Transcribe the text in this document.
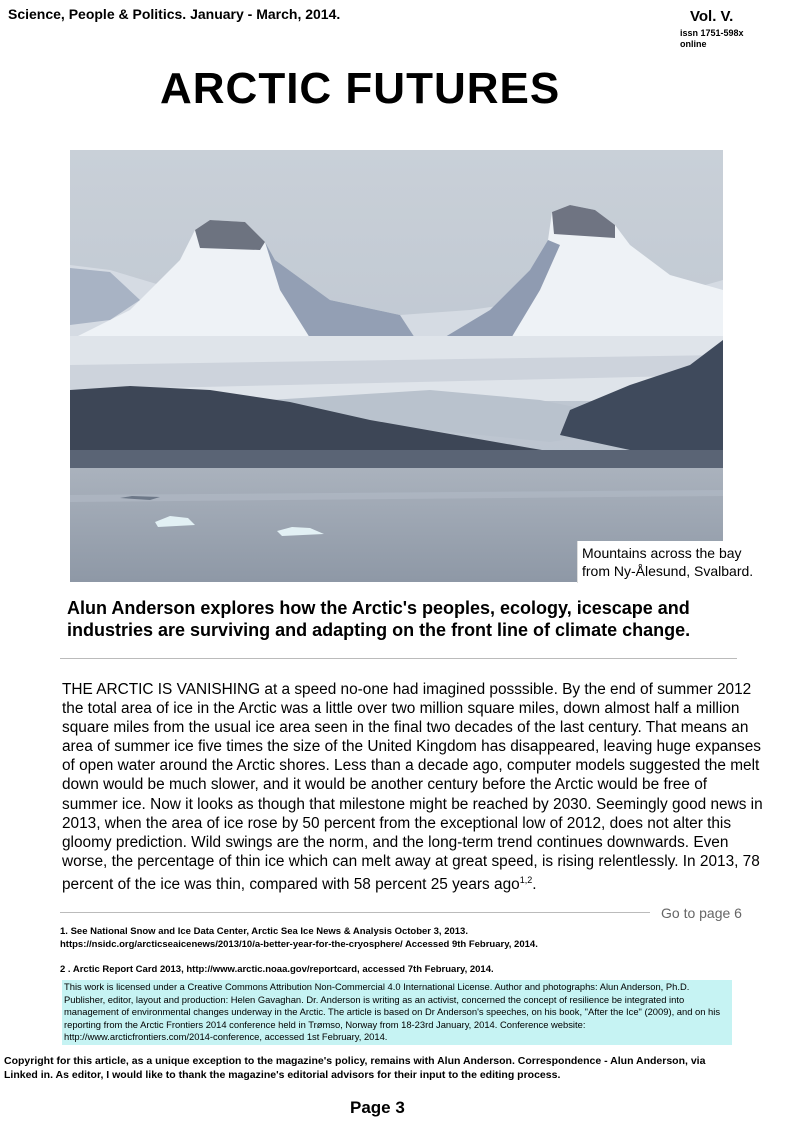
Science, People & Politics. January - March, 2014.	Vol. V.
issn 1751-598x
online
ARCTIC FUTURES
Mountains across the bay
from Ny-Ålesund, Svalbard.
Alun Anderson explores how the Arctic's peoples, ecology, icescape and industries are surviving and adapting on the front line of climate change.
THE ARCTIC IS VANISHING at a speed no-one had imagined posssible. By the end of summer 2012 the total area of ice in the Arctic was a little over two million square miles, down almost half a million square miles from the usual ice area seen in the final two decades of the last century. That means an area of summer ice five times the size of the United Kingdom has disappeared, leaving huge expanses of open water around the Arctic shores. Less than a decade ago, computer models suggested the melt down would be much slower, and it would be another century before the Arctic would be free of summer ice. Now it looks as though that milestone might be reached by 2030. Seemingly good news in 2013, when the area of ice rose by 50 percent from the exceptional low of 2012, does not alter this gloomy prediction. Wild swings are the norm, and the long-term trend continues downwards. Even worse, the percentage of thin ice which can melt away at great speed, is rising relentlessly. In 2013, 78 percent of the ice was thin, compared with 58 percent 25 years ago$^{1,2}$.
Go to page 6
1. See National Snow and Ice Data Center, Arctic Sea Ice News & Analysis October 3, 2013.
https://nsidc.org/arcticseaicenews/2013/10/a-better-year-for-the-cryosphere/ Accessed 9th February, 2014.
2 . Arctic Report Card 2013, http://www.arctic.noaa.gov/reportcard, accessed 7th February, 2014.
This work is licensed under a Creative Commons Attribution Non-Commercial 4.0 International License. Author and photographs: Alun Anderson, Ph.D. Publisher, editor, layout and production: Helen Gavaghan. Dr. Anderson is writing as an activist, concerned the concept of resilience be integrated into management of environmental changes underway in the Arctic. The article is based on Dr Anderson's speeches, on his book, "After the Ice" (2009), and on his reporting from the Arctic Frontiers 2014 conference held in Trømso, Norway from 18-23rd January, 2014. Conference website: http://www.arcticfrontiers.com/2014-conference, accessed 1st February, 2014.
Copyright for this article, as a unique exception to the magazine's policy, remains with Alun Anderson. Correspondence - Alun Anderson, via Linked in. As editor, I would like to thank the magazine's editorial advisors for their input to the editing process.
Page 3
